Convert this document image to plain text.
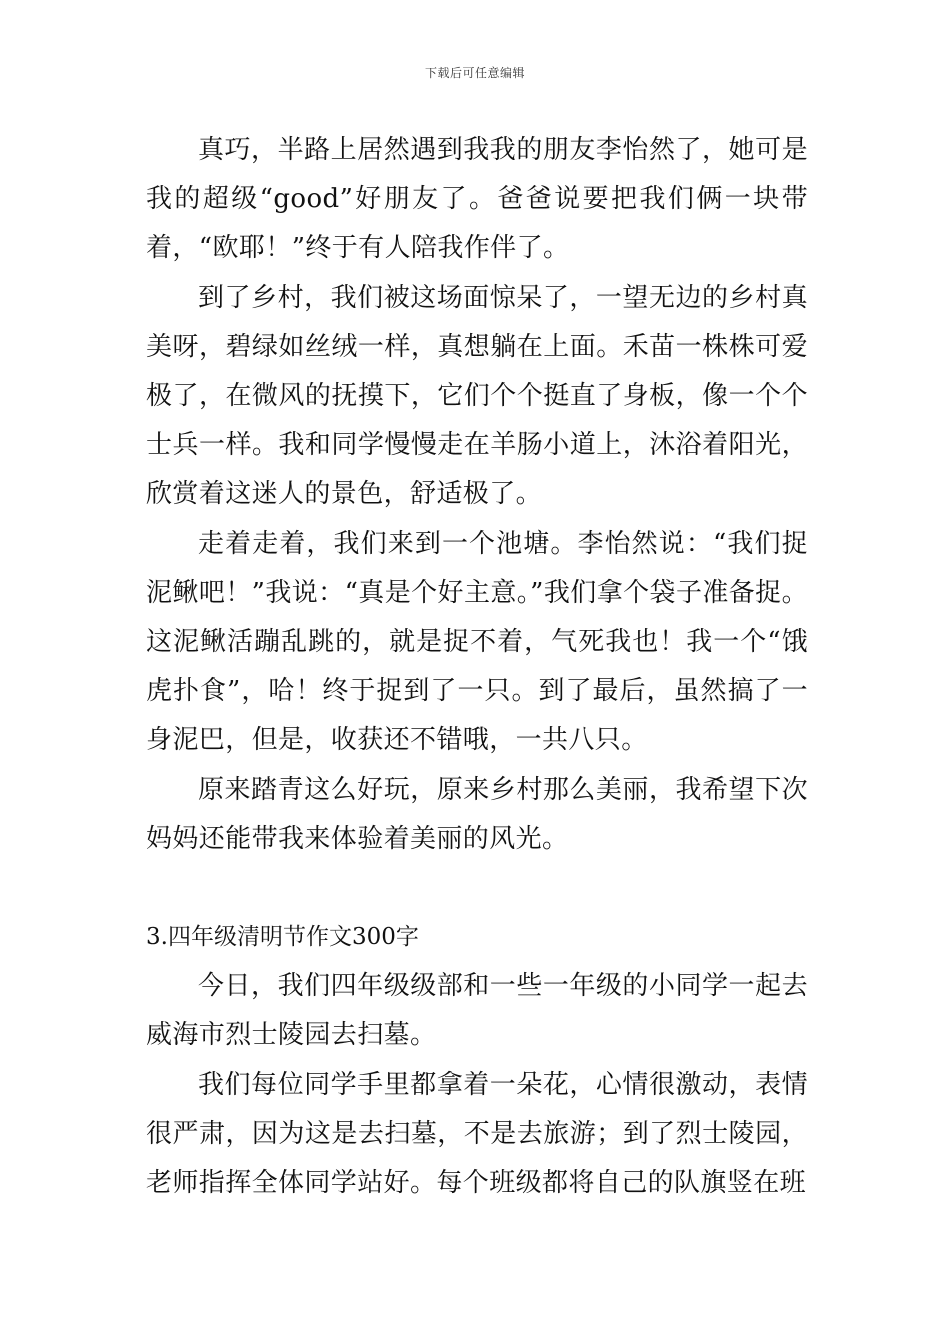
下载后可任意编辑

真巧，半路上居然遇到我我的朋友李怡然了，她可是我的超级“good”好朋友了。爸爸说要把我们俩一块带着，“欧耶！”终于有人陪我作伴了。

到了乡村，我们被这场面惊呆了，一望无边的乡村真美呀，碧绿如丝绒一样，真想躺在上面。禾苗一株株可爱极了，在微风的抚摸下，它们个个挺直了身板，像一个个士兵一样。我和同学慢慢走在羊肠小道上，沐浴着阳光，欣赏着这迷人的景色，舒适极了。

走着走着，我们来到一个池塘。李怡然说：“我们捉泥鳅吧！”我说：“真是个好主意。”我们拿个袋子准备捉。这泥鳅活蹦乱跳的，就是捉不着，气死我也！我一个“饿虎扑食”，哈！终于捉到了一只。到了最后，虽然搞了一身泥巴，但是，收获还不错哦，一共八只。

原来踏青这么好玩，原来乡村那么美丽，我希望下次妈妈还能带我来体验着美丽的风光。

3.四年级清明节作文300字

今日，我们四年级级部和一些一年级的小同学一起去威海市烈士陵园去扫墓。

我们每位同学手里都拿着一朵花，心情很激动，表情很严肃，因为这是去扫墓，不是去旅游；到了烈士陵园，老师指挥全体同学站好。每个班级都将自己的队旗竖在班
